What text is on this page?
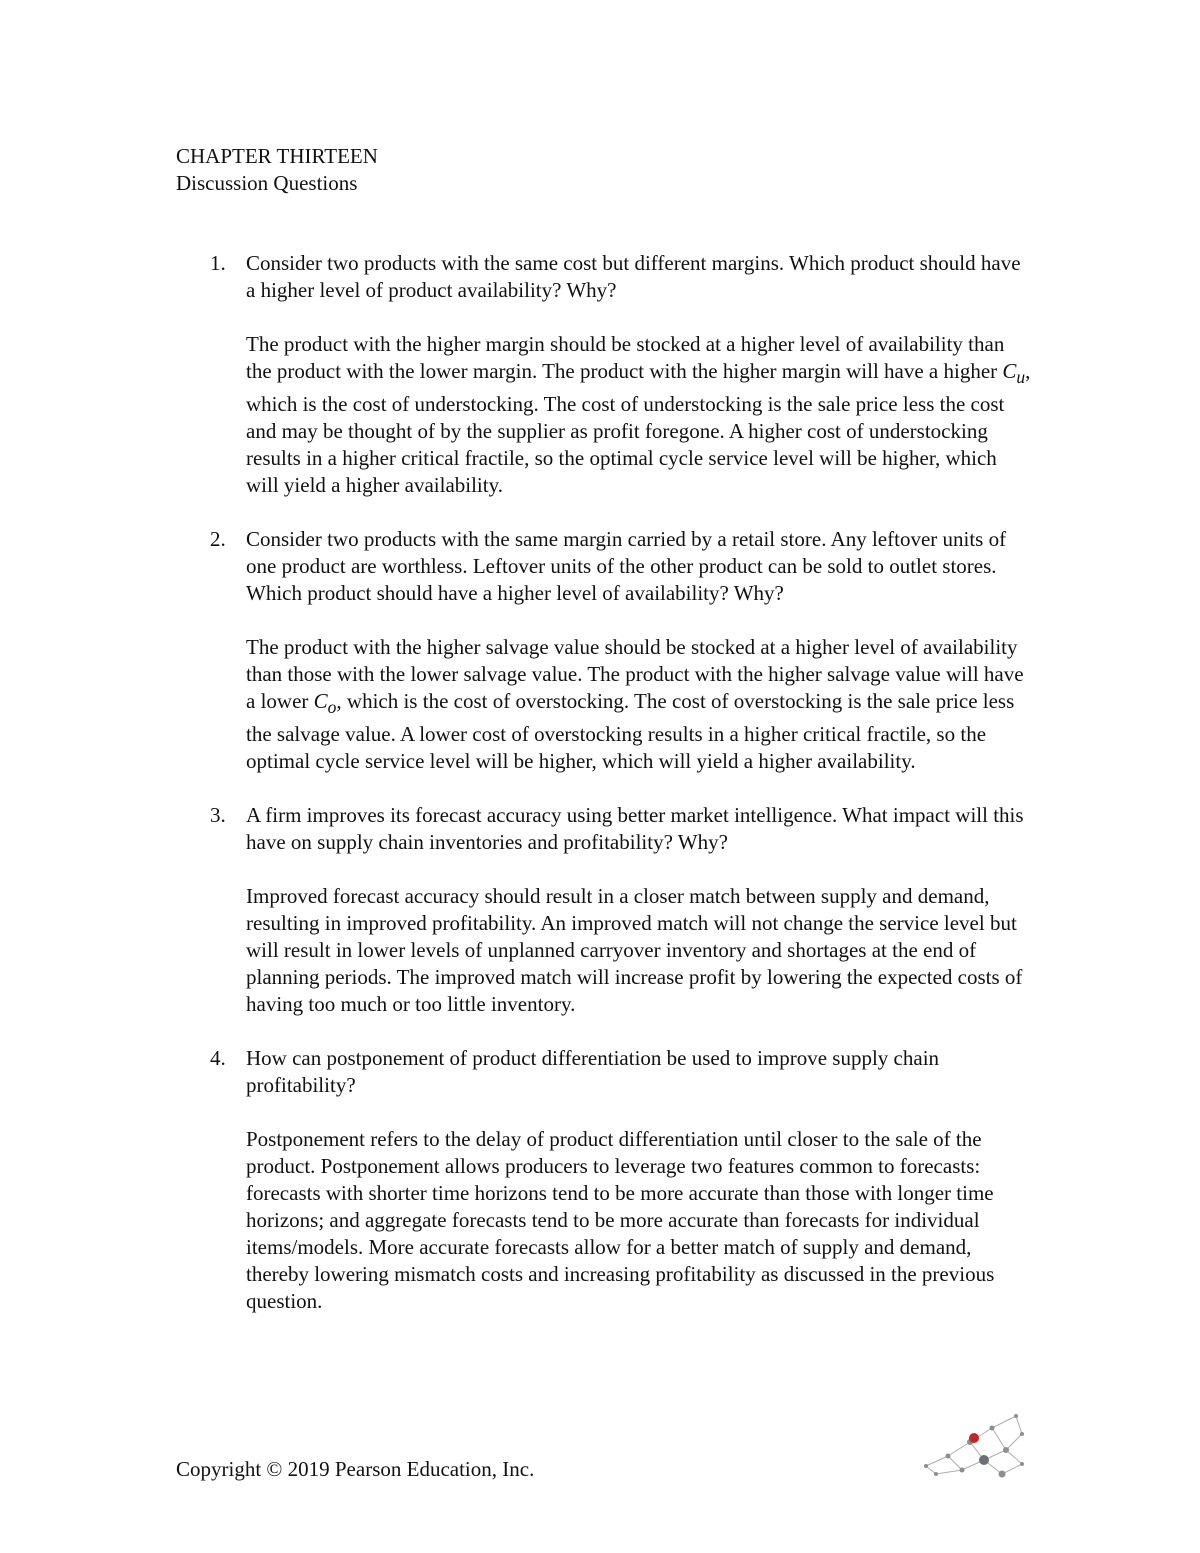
CHAPTER THIRTEEN
Discussion Questions
1. Consider two products with the same cost but different margins. Which product should have a higher level of product availability? Why?

The product with the higher margin should be stocked at a higher level of availability than the product with the lower margin. The product with the higher margin will have a higher $C_u$, which is the cost of understocking. The cost of understocking is the sale price less the cost and may be thought of by the supplier as profit foregone. A higher cost of understocking results in a higher critical fractile, so the optimal cycle service level will be higher, which will yield a higher availability.

2. Consider two products with the same margin carried by a retail store. Any leftover units of one product are worthless. Leftover units of the other product can be sold to outlet stores. Which product should have a higher level of availability? Why?

The product with the higher salvage value should be stocked at a higher level of availability than those with the lower salvage value. The product with the higher salvage value will have a lower $C_o$, which is the cost of overstocking. The cost of overstocking is the sale price less the salvage value. A lower cost of overstocking results in a higher critical fractile, so the optimal cycle service level will be higher, which will yield a higher availability.

3. A firm improves its forecast accuracy using better market intelligence. What impact will this have on supply chain inventories and profitability? Why?

Improved forecast accuracy should result in a closer match between supply and demand, resulting in improved profitability. An improved match will not change the service level but will result in lower levels of unplanned carryover inventory and shortages at the end of planning periods. The improved match will increase profit by lowering the expected costs of having too much or too little inventory.

4. How can postponement of product differentiation be used to improve supply chain profitability?

Postponement refers to the delay of product differentiation until closer to the sale of the product. Postponement allows producers to leverage two features common to forecasts: forecasts with shorter time horizons tend to be more accurate than those with longer time horizons; and aggregate forecasts tend to be more accurate than forecasts for individual items/models. More accurate forecasts allow for a better match of supply and demand, thereby lowering mismatch costs and increasing profitability as discussed in the previous question.

Copyright © 2019 Pearson Education, Inc.
